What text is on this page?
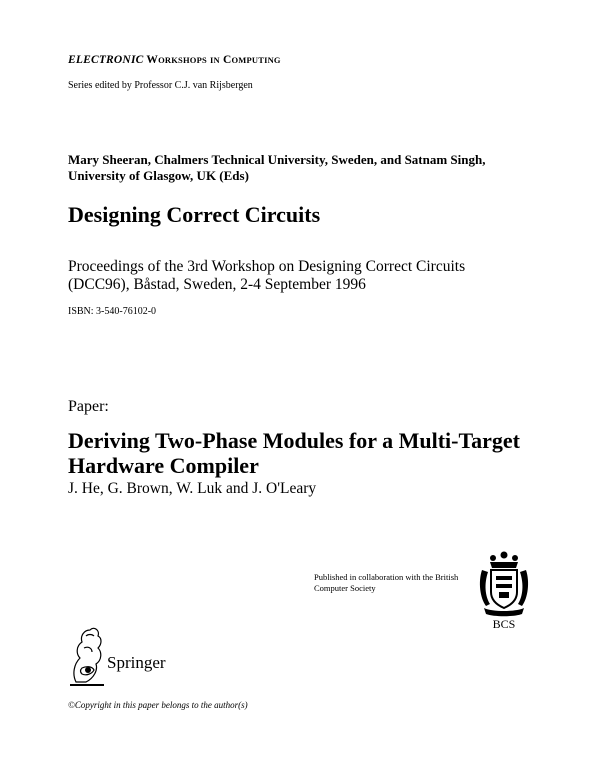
ELECTRONIC WORKSHOPS IN COMPUTING
Series edited by Professor C.J. van Rijsbergen
Mary Sheeran, Chalmers Technical University, Sweden, and Satnam Singh, University of Glasgow, UK (Eds)
Designing Correct Circuits
Proceedings of the 3rd Workshop on Designing Correct Circuits (DCC96), Båstad, Sweden, 2-4 September 1996
ISBN: 3-540-76102-0
Paper:
Deriving Two-Phase Modules for a Multi-Target Hardware Compiler
J. He, G. Brown, W. Luk and J. O'Leary
Published in collaboration with the British Computer Society
BCS
Springer
©Copyright in this paper belongs to the author(s)
